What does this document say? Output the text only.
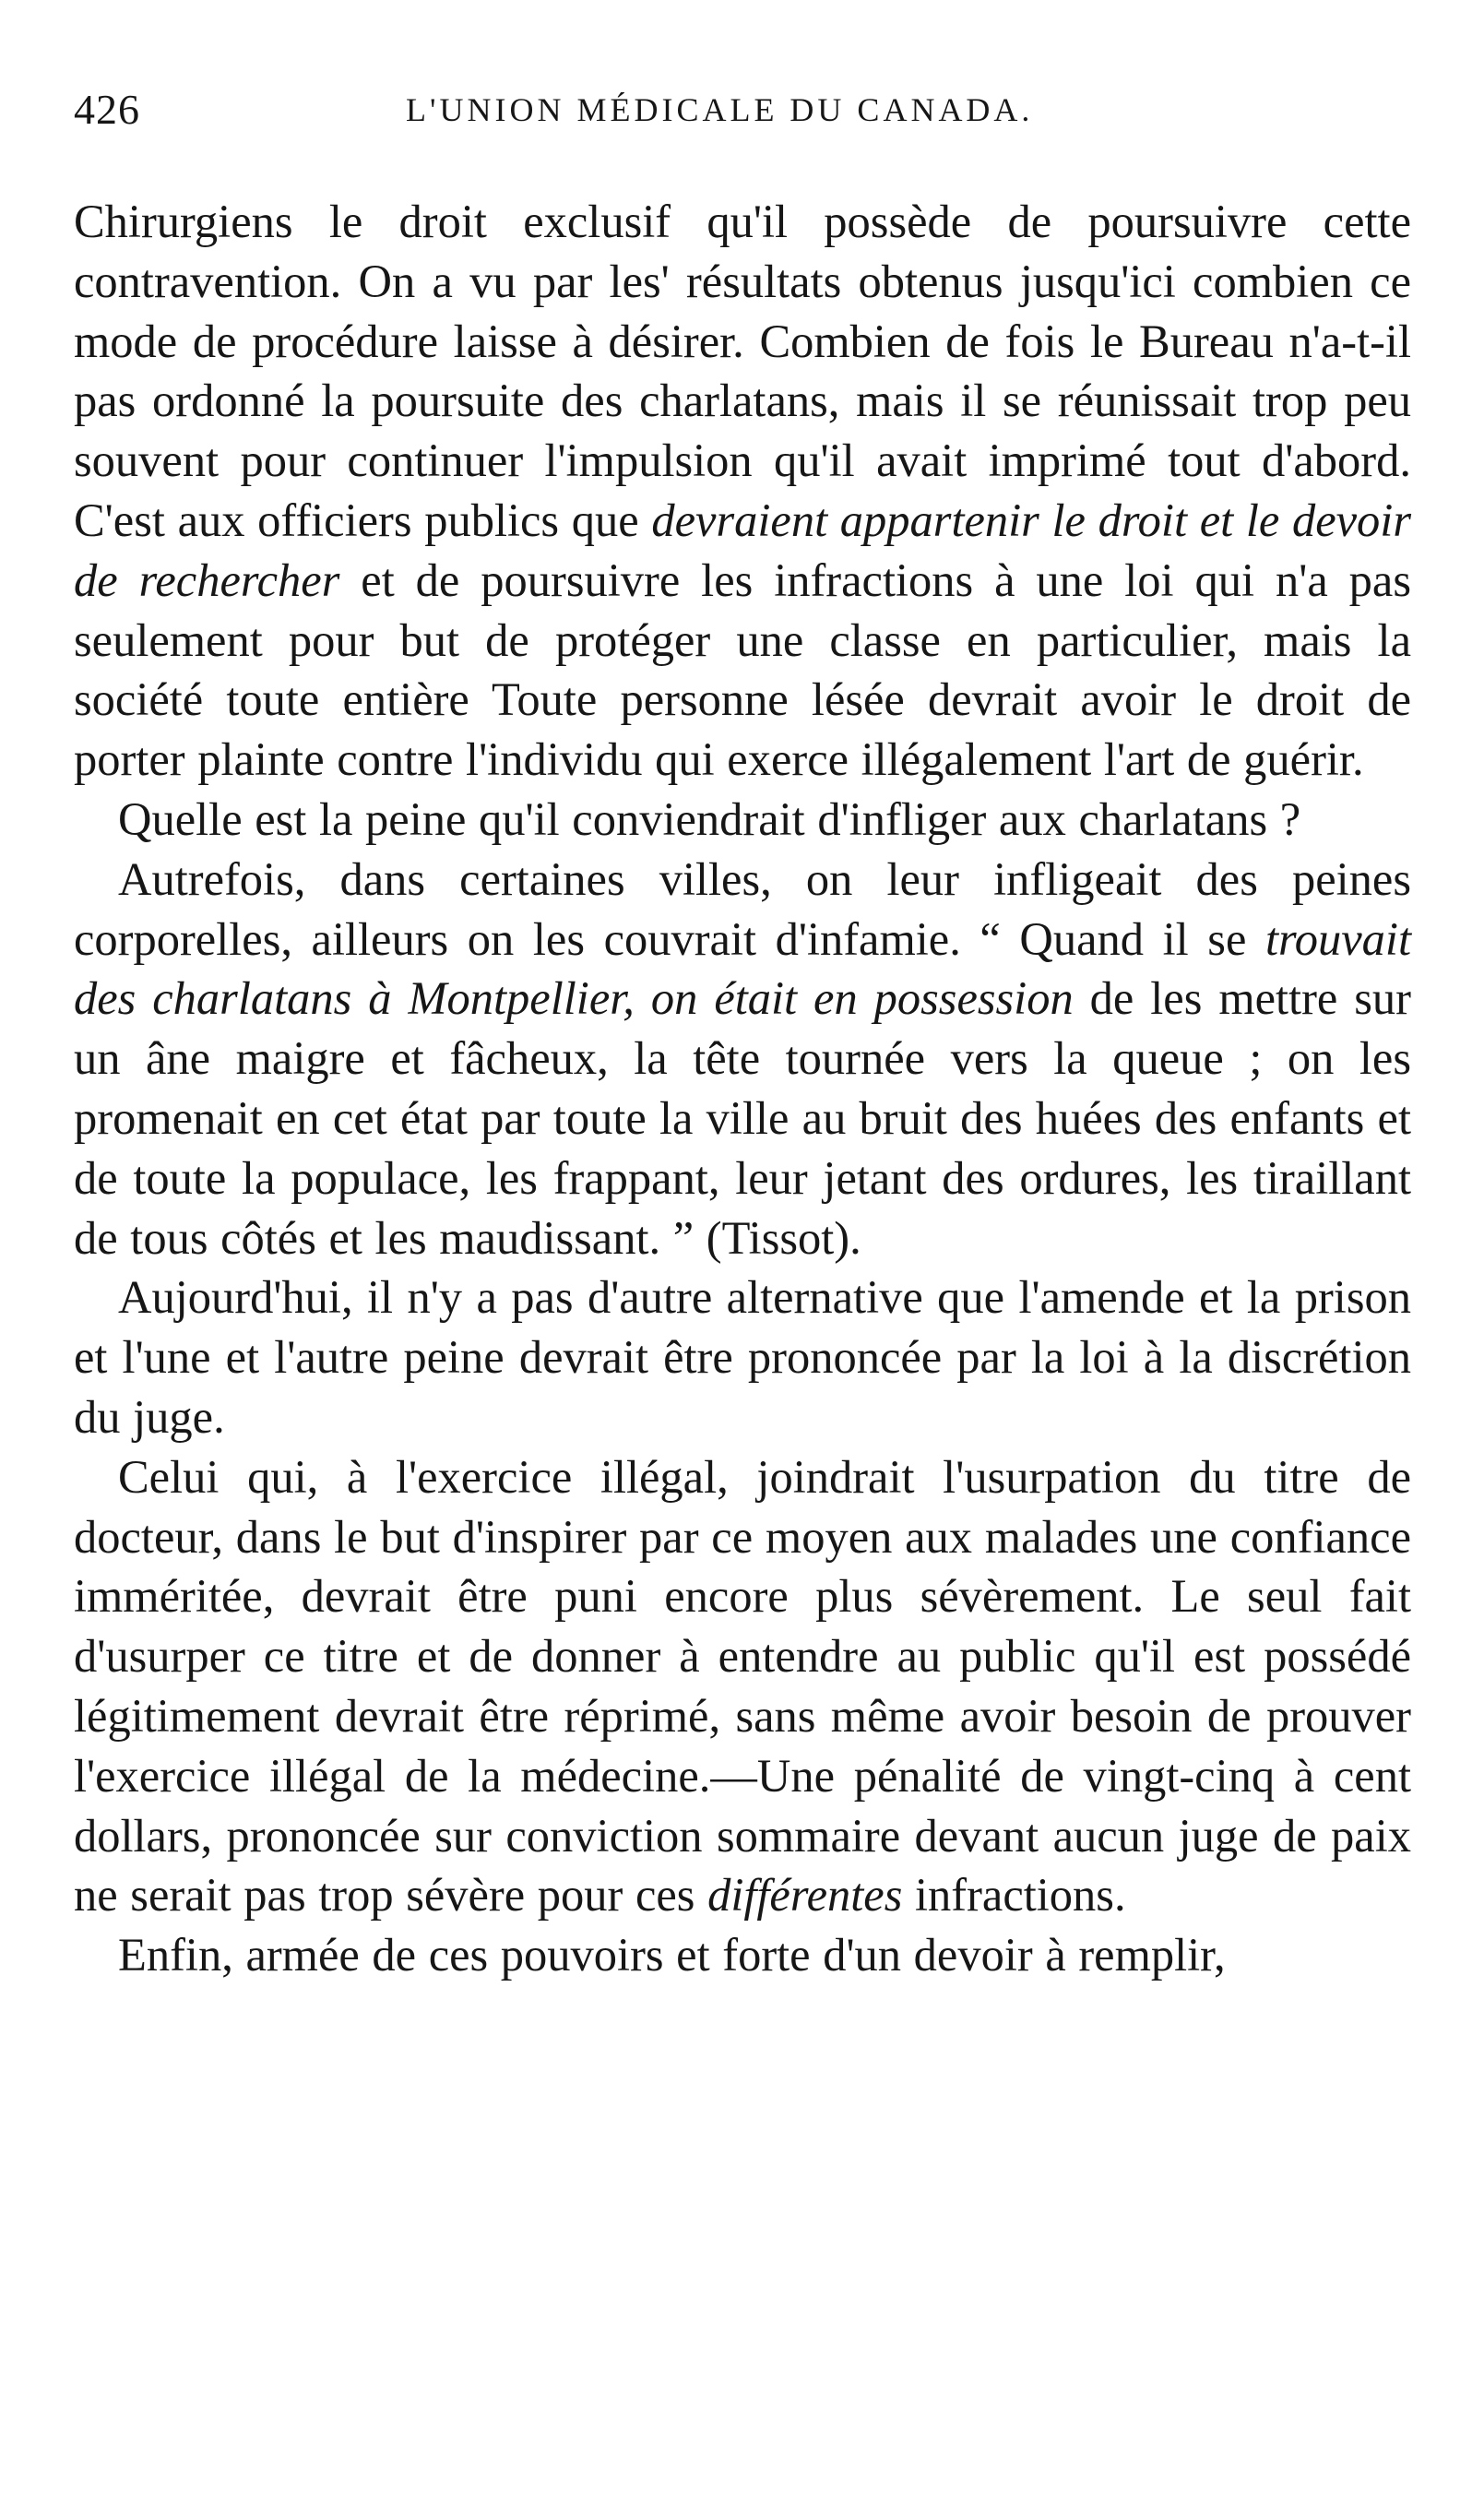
426	L'UNION MÉDICALE DU CANADA.

Chirurgiens le droit exclusif qu'il possède de poursuivre cette contravention. On a vu par les' résultats obtenus jusqu'ici combien ce mode de procédure laisse à désirer. Combien de fois le Bureau n'a-t-il pas ordonné la poursuite des charlatans, mais il se réunissait trop peu souvent pour continuer l'impulsion qu'il avait imprimé tout d'abord. C'est aux officiers publics que devraient appartenir le droit et le devoir de rechercher et de poursuivre les infractions à une loi qui n'a pas seulement pour but de protéger une classe en particulier, mais la société toute entière Toute personne lésée devrait avoir le droit de porter plainte contre l'individu qui exerce illégalement l'art de guérir.

Quelle est la peine qu'il conviendrait d'infliger aux charlatans ?

Autrefois, dans certaines villes, on leur infligeait des peines corporelles, ailleurs on les couvrait d'infamie. “ Quand il se trouvait des charlatans à Montpellier, on était en possession de les mettre sur un âne maigre et fâcheux, la tête tournée vers la queue ; on les promenait en cet état par toute la ville au bruit des huées des enfants et de toute la populace, les frappant, leur jetant des ordures, les tiraillant de tous côtés et les maudissant. ” (Tissot).

Aujourd'hui, il n'y a pas d'autre alternative que l'amende et la prison et l'une et l'autre peine devrait être prononcée par la loi à la discrétion du juge.

Celui qui, à l'exercice illégal, joindrait l'usurpation du titre de docteur, dans le but d'inspirer par ce moyen aux malades une confiance imméritée, devrait être puni encore plus sévèrement. Le seul fait d'usurper ce titre et de donner à entendre au public qu'il est possédé légitimement devrait être réprimé, sans même avoir besoin de prouver l'exercice illégal de la médecine.—Une pénalité de vingt-cinq à cent dollars, prononcée sur conviction sommaire devant aucun juge de paix ne serait pas trop sévère pour ces différentes infractions.

Enfin, armée de ces pouvoirs et forte d'un devoir à remplir,
